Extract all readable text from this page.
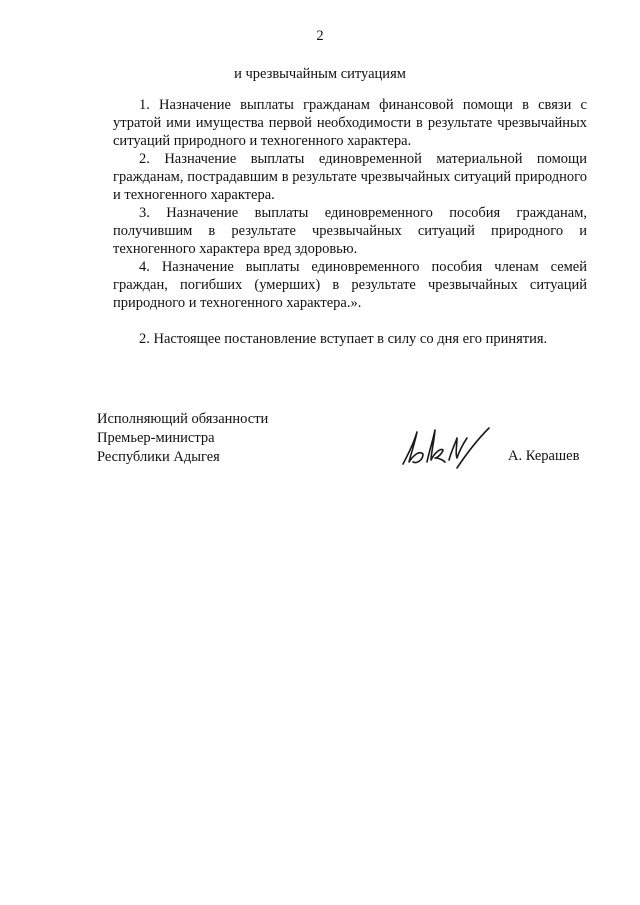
2
и чрезвычайным ситуациям

1. Назначение выплаты гражданам финансовой помощи в связи с утратой ими имущества первой необходимости в результате чрезвычайных ситуаций природного и техногенного характера.

2. Назначение выплаты единовременной материальной помощи гражданам, пострадавшим в результате чрезвычайных ситуаций природного и техногенного характера.

3. Назначение выплаты единовременного пособия гражданам, получившим в результате чрезвычайных ситуаций природного и техногенного характера вред здоровью.

4. Назначение выплаты единовременного пособия членам семей граждан, погибших (умерших) в результате чрезвычайных ситуаций природного и техногенного характера.».

2. Настоящее постановление вступает в силу со дня его принятия.

Исполняющий обязанности
Премьер-министра
Республики Адыгея	А. Керашев
